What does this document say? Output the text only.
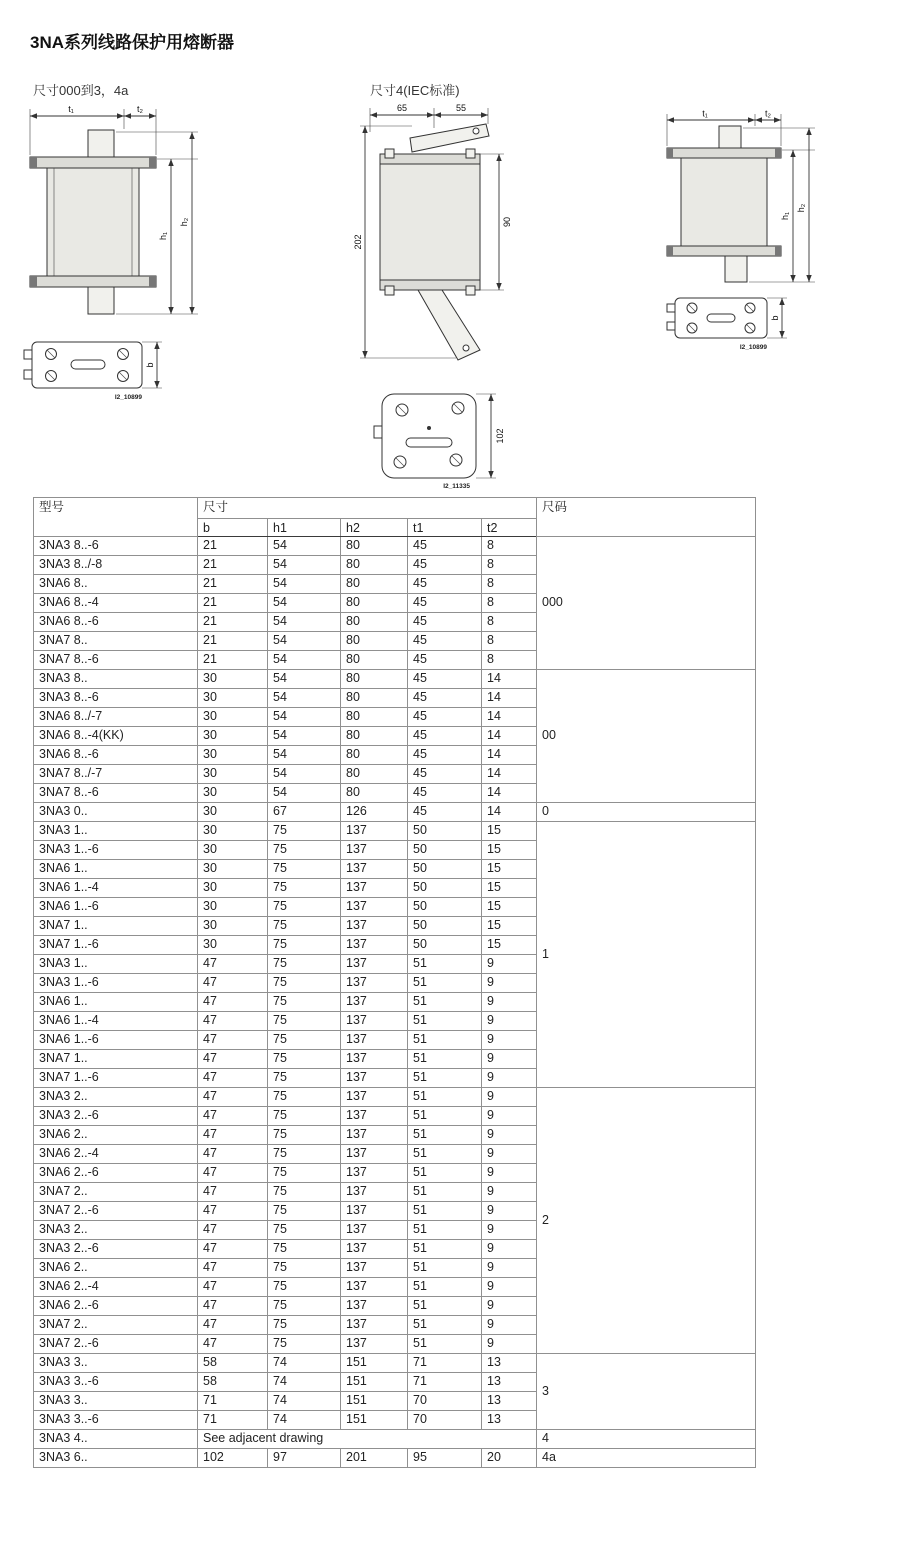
3NA系列线路保护用熔断器
尺寸000到3，4a	尺寸4(IEC标准)
t₁	t₂
h₁
h₂
b
I2_10899
65	55
202
90
102
I2_11335
t₁	t₂
h₁
h₂
b
I2_10899
型号	尺寸					尺码
	b	h1	h2	t1	t2	
3NA3 8..-6	21	54	80	45	8	000
3NA3 8../-8	21	54	80	45	8	
3NA6 8..	21	54	80	45	8	
3NA6 8..-4	21	54	80	45	8	
3NA6 8..-6	21	54	80	45	8	
3NA7 8..	21	54	80	45	8	
3NA7 8..-6	21	54	80	45	8	
3NA3 8..	30	54	80	45	14	00
3NA3 8..-6	30	54	80	45	14	
3NA6 8../-7	30	54	80	45	14	
3NA6 8..-4(KK)	30	54	80	45	14	
3NA6 8..-6	30	54	80	45	14	
3NA7 8../-7	30	54	80	45	14	
3NA7 8..-6	30	54	80	45	14	
3NA3 0..	30	67	126	45	14	0
3NA3 1..	30	75	137	50	15	1
3NA3 1..-6	30	75	137	50	15	
3NA6 1..	30	75	137	50	15	
3NA6 1..-4	30	75	137	50	15	
3NA6 1..-6	30	75	137	50	15	
3NA7 1..	30	75	137	50	15	
3NA7 1..-6	30	75	137	50	15	
3NA3 1..	47	75	137	51	9	
3NA3 1..-6	47	75	137	51	9	
3NA6 1..	47	75	137	51	9	
3NA6 1..-4	47	75	137	51	9	
3NA6 1..-6	47	75	137	51	9	
3NA7 1..	47	75	137	51	9	
3NA7 1..-6	47	75	137	51	9	
3NA3 2..	47	75	137	51	9	2
3NA3 2..-6	47	75	137	51	9	
3NA6 2..	47	75	137	51	9	
3NA6 2..-4	47	75	137	51	9	
3NA6 2..-6	47	75	137	51	9	
3NA7 2..	47	75	137	51	9	
3NA7 2..-6	47	75	137	51	9	
3NA3 2..	47	75	137	51	9	
3NA3 2..-6	47	75	137	51	9	
3NA6 2..	47	75	137	51	9	
3NA6 2..-4	47	75	137	51	9	
3NA6 2..-6	47	75	137	51	9	
3NA7 2..	47	75	137	51	9	
3NA7 2..-6	47	75	137	51	9	
3NA3 3..	58	74	151	71	13	3
3NA3 3..-6	58	74	151	71	13	
3NA3 3..	71	74	151	70	13	
3NA3 3..-6	71	74	151	70	13	
3NA3 4..	See adjacent drawing					4
3NA3 6..	102	97	201	95	20	4a
